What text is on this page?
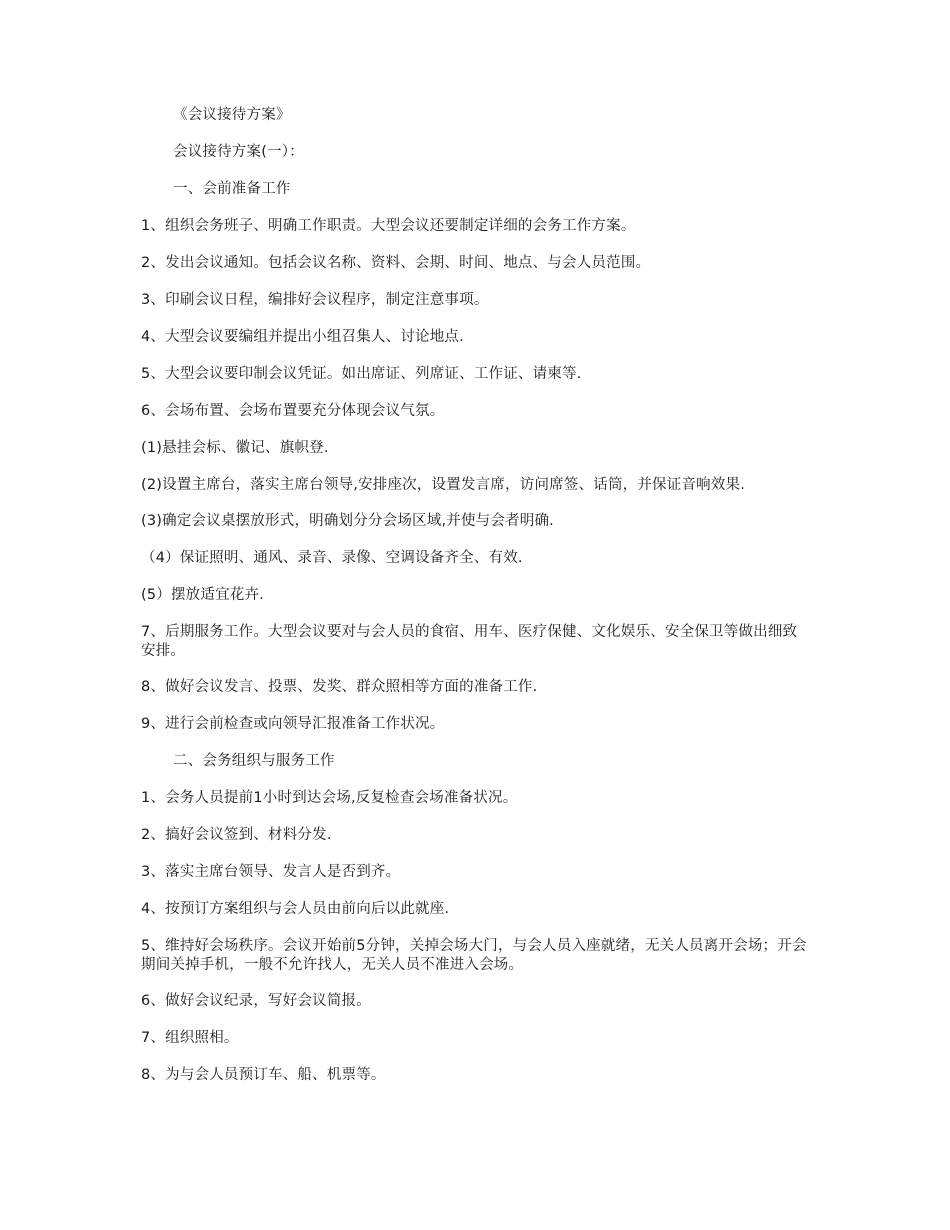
《会议接待方案》

会议接待方案(一）：

一、会前准备工作

1、组织会务班子、明确工作职责。大型会议还要制定详细的会务工作方案。

2、发出会议通知。包括会议名称、资料、会期、时间、地点、与会人员范围。

3、印刷会议日程，编排好会议程序，制定注意事项。

4、大型会议要编组并提出小组召集人、讨论地点.

5、大型会议要印制会议凭证。如出席证、列席证、工作证、请柬等.

6、会场布置、会场布置要充分体现会议气氛。

(1)悬挂会标、徽记、旗帜登.

(2)设置主席台，落实主席台领导,安排座次，设置发言席，访问席签、话筒，并保证音响效果.

(3)确定会议桌摆放形式，明确划分分会场区域,并使与会者明确.

（4）保证照明、通风、录音、录像、空调设备齐全、有效.

(5）摆放适宜花卉.

7、后期服务工作。大型会议要对与会人员的食宿、用车、医疗保健、文化娱乐、安全保卫等做出细致安排。

8、做好会议发言、投票、发奖、群众照相等方面的准备工作.

9、进行会前检查或向领导汇报准备工作状况。

二、会务组织与服务工作

1、会务人员提前1小时到达会场,反复检查会场准备状况。

2、搞好会议签到、材料分发.

3、落实主席台领导、发言人是否到齐。

4、按预订方案组织与会人员由前向后以此就座.

5、维持好会场秩序。会议开始前5分钟，关掉会场大门，与会人员入座就绪，无关人员离开会场；开会期间关掉手机，一般不允许找人，无关人员不准进入会场。

6、做好会议纪录，写好会议简报。

7、组织照相。

8、为与会人员预订车、船、机票等。
